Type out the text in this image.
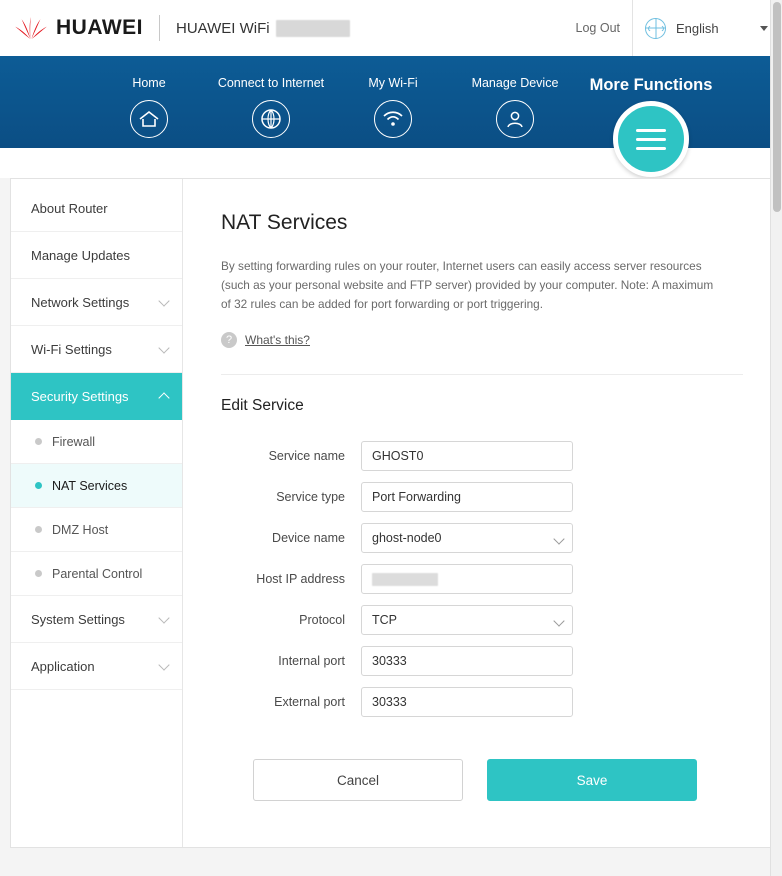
HUAWEI HUAWEI WiFi	Log Out	English
Home	Connect to Internet	My Wi-Fi	Manage Device	More Functions
About Router
Manage Updates
Network Settings
Wi-Fi Settings
Security Settings
Firewall
NAT Services
DMZ Host
Parental Control
System Settings
Application
NAT Services
By setting forwarding rules on your router, Internet users can easily access server resources (such as your personal website and FTP server) provided by your computer. Note: A maximum of 32 rules can be added for port forwarding or port triggering.
?	What's this?
Edit Service
Service name	GHOST0
Service type	Port Forwarding
Device name	ghost-node0
Host IP address
Protocol	TCP
Internal port	30333
External port	30333
Cancel	Save
